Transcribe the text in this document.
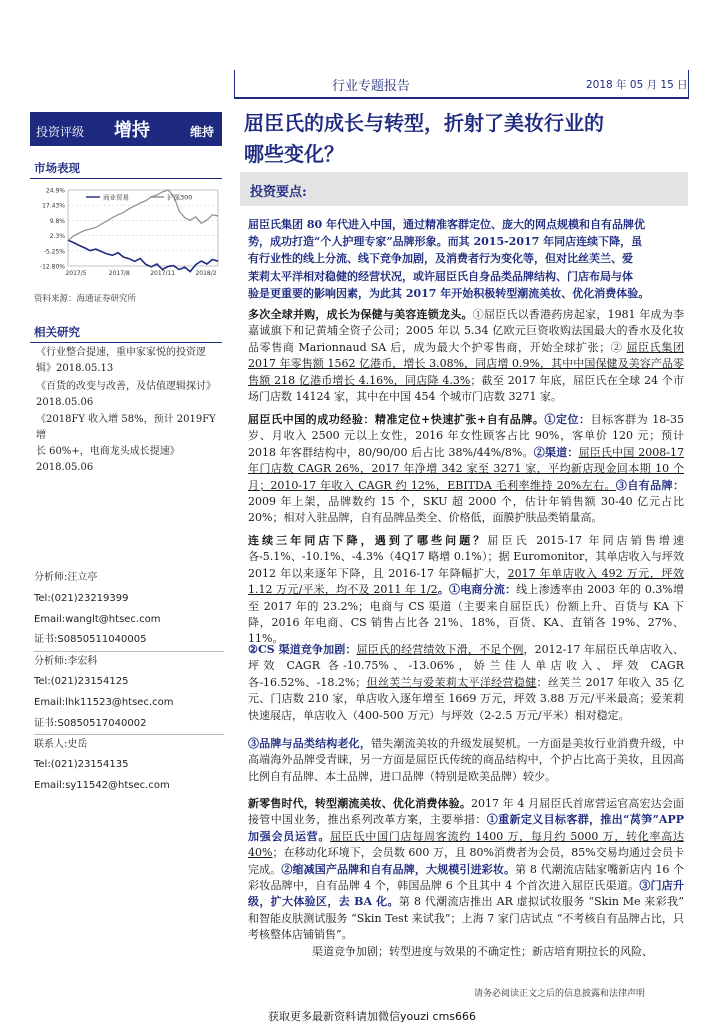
行业专题报告	2018 年 05 月 15 日
投资评级 增持	维持
市场表现
24.9%
17.43%
9.8%
2.3%
-5.25%
-12.80%
2017/5	2017/8	2017/11	2018/2
商业贸易	沪深300
资料来源：海通证券研究所
相关研究
《行业整合提速，重申家家悦的投资逻
辑》2018.05.13
《百货的改变与改善，及估值逻辑探讨》
2018.05.06
《2018FY 收入增 58%，预计 2019FY 增
长 60%+，电商龙头成长提速》2018.05.06
分析师:汪立亭
Tel:(021)23219399
Email:wanglt@htsec.com
证书:S0850511040005
分析师:李宏科
Tel:(021)23154125
Email:lhk11523@htsec.com
证书:S0850517040002
联系人:史岳
Tel:(021)23154135
Email:sy11542@htsec.com
屈臣氏的成长与转型，折射了美妆行业的
哪些变化？
投资要点:
屈臣氏集团 80 年代进入中国，通过精准客群定位、庞大的网点规模和自有品牌优
势，成功打造“个人护理专家”品牌形象。而其 2015-2017 年同店连续下降，虽
有行业性的线上分流、线下竞争加剧，及消费者行为变化等，但对比丝芙兰、爱
茉莉太平洋相对稳健的经营状况，或许屈臣氏自身品类品牌结构、门店布局与体
验是更重要的影响因素，为此其 2017 年开始积极转型潮流美妆、优化消费体验。
多次全球并购，成长为保健与美容连锁龙头。①屈臣氏以香港药房起家，1981 年成为李嘉诚旗下和记黄埔全资子公司；2005 年以 5.34 亿欧元巨资收购法国最大的香水及化妆品零售商 Marionnaud SA 后，成为最大个护零售商，开始全球扩张；② 屈臣氏集团 2017 年零售额 1562 亿港币，增长 3.08%，同店增 0.9%，其中中国保健及美容产品零售额 218 亿港币增长 4.16%，同店降 4.3%；截至 2017 年底，屈臣氏在全球 24 个市场门店数 14124 家，其中在中国 454 个城市门店数 3271 家。
屈臣氏中国的成功经验：精准定位+快速扩张+自有品牌。①定位：目标客群为 18-35 岁、月收入 2500 元以上女性，2016 年女性顾客占比 90%，客单价 120 元；预计 2018 年客群结构中，80/90/00 后占比 38%/44%/8%。②渠道：屈臣氏中国 2008-17 年门店数 CAGR 26%，2017 年净增 342 家至 3271 家，平均新店现金回本期 10 个月；2010-17 年收入 CAGR 约 12%，EBITDA 毛利率维持 20%左右。③自有品牌：2009 年上架，品牌数约 15 个，SKU 超 2000 个，估计年销售额 30-40 亿元占比 20%；相对入驻品牌，自有品牌品类全、价格低，面膜护肤品类销量高。
连续三年同店下降，遇到了哪些问题？屈臣氏 2015-17 年同店销售增速各-5.1%、-10.1%、-4.3%（4Q17 略增 0.1%）；据 Euromonitor，其单店收入与坪效 2012 年以来逐年下降，且 2016-17 年降幅扩大，2017 年单店收入 492 万元，坪效 1.12 万元/平米，均不及 2011 年 1/2。①电商分流：线上渗透率由 2003 年的 0.3%增至 2017 年的 23.2%；电商与 CS 渠道（主要来自屈臣氏）份额上升、百货与 KA 下降，2016 年电商、CS 销售占比各 21%、18%，百货、KA、直销各 19%、27%、11%。
②CS 渠道竞争加剧：屈臣氏的经营绩效下滑，不足个例，2012-17 年屈臣氏单店收入、坪效 CAGR 各-10.75%、-13.06%，娇兰佳人单店收入、坪效 CAGR 各-16.52%、-18.2%；但丝芙兰与爱茉莉太平洋经营稳健：丝芙兰 2017 年收入 35 亿元、门店数 210 家，单店收入逐年增至 1669 万元，坪效 3.88 万元/平米最高；爱茉莉快速展店，单店收入（400-500 万元）与坪效（2-2.5 万元/平米）相对稳定。
③品牌与品类结构老化，错失潮流美妆的升级发展契机。一方面是美妆行业消费升级，中高端海外品牌受青睐，另一方面是屈臣氏传统的商品结构中，个护占比高于美妆，且因高比例自有品牌、本土品牌，进口品牌（特别是欧美品牌）较少。
新零售时代，转型潮流美妆、优化消费体验。2017 年 4 月屈臣氏首席营运官高宏达会面接管中国业务，推出系列改革方案，主要举措：①重新定义目标客群，推出“莴笋”APP 加强会员运营。屈臣氏中国门店每周客流约 1400 万，每月约 5000 万，转化率高达 40%；在移动化环境下，会员数 600 万，且 80%消费者为会员，85%交易均通过会员卡完成。②缩减国产品牌和自有品牌，大规模引进彩妆。第 8 代潮流店陆家嘴新店内 16 个彩妆品牌中，自有品牌 4 个，韩国品牌 6 个且其中 4 个首次进入屈臣氏渠道。③门店升级，扩大体验区，去 BA 化。第 8 代潮流店推出 AR 虚拟试妆服务 “Skin Me 来彩我” 和智能皮肤测试服务 “Skin Test 来试我”；上海 7 家门店试点 “不考核自有品牌占比，只考核整体店铺销售”。
渠道竞争加剧；转型进度与效果的不确定性；新店培育期拉长的风险、
请务必阅读正文之后的信息披露和法律声明
获取更多最新资料请加微信youzi cms666
